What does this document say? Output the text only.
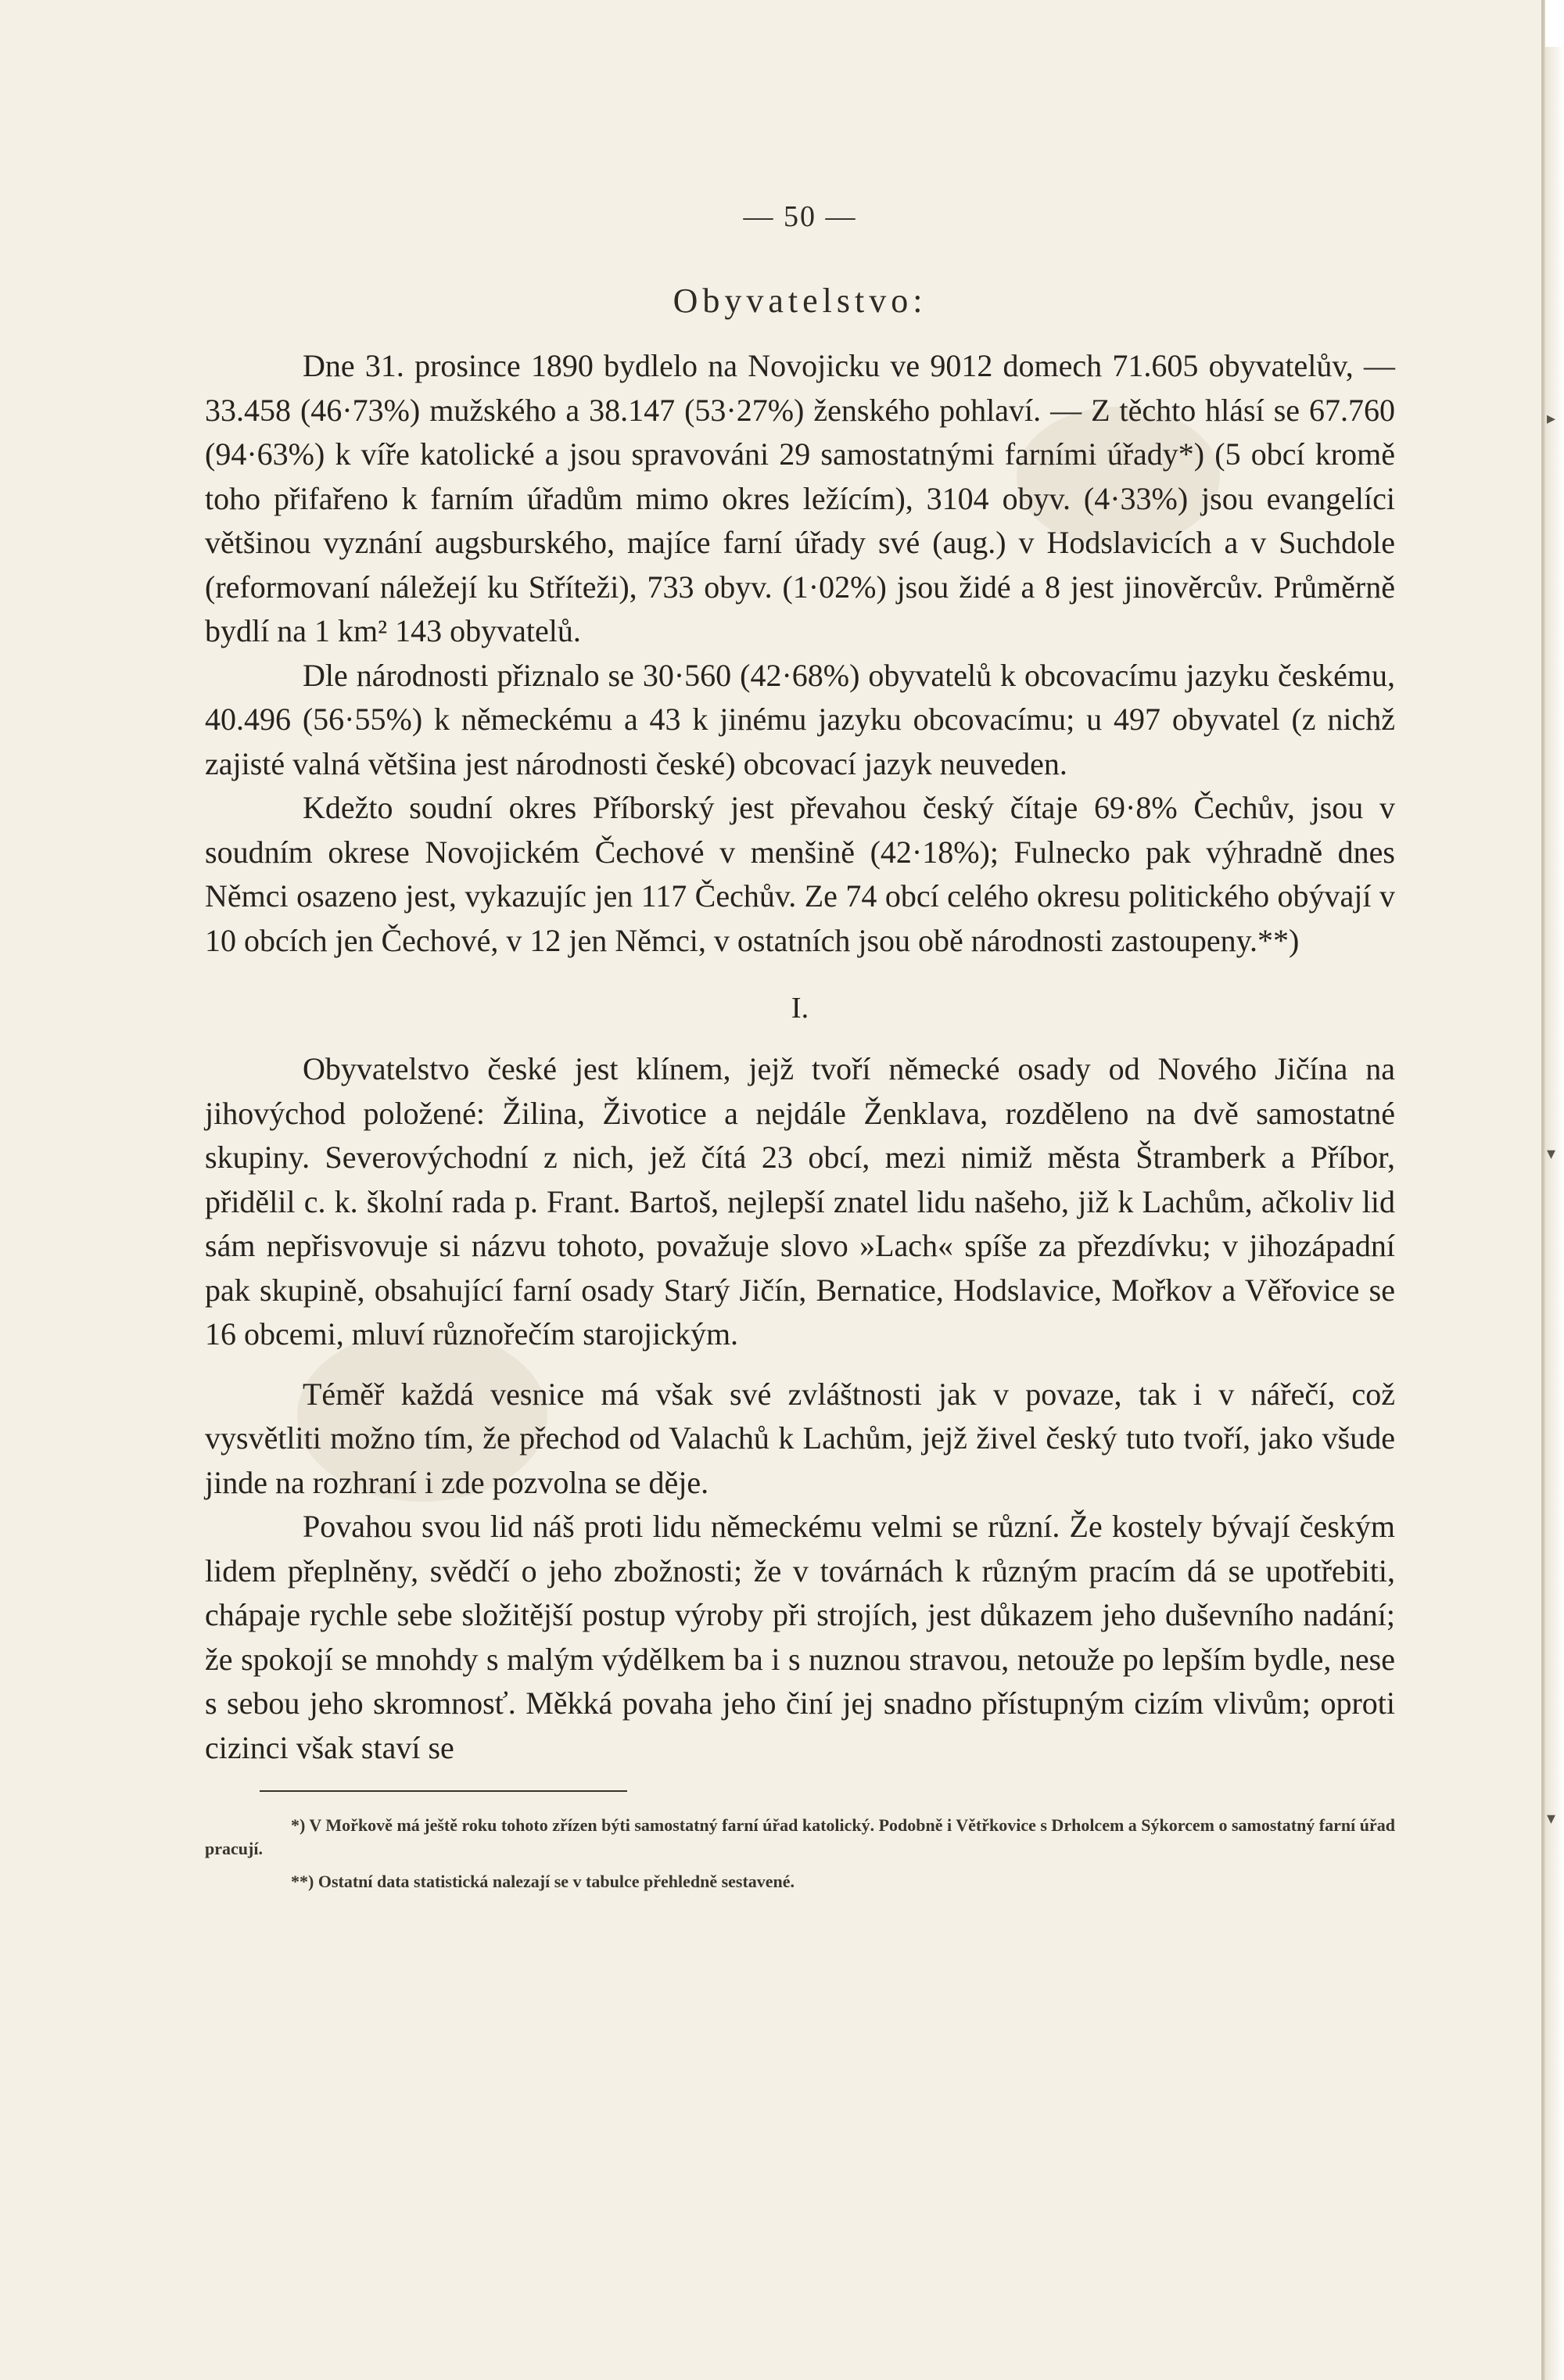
— 50 —
Obyvatelstvo:

Dne 31. prosince 1890 bydlelo na Novojicku ve 9012 domech 71.605 obyvatelův, — 33.458 (46·73%) mužského a 38.147 (53·27%) ženského pohlaví. — Z těchto hlásí se 67.760 (94·63%) k víře katolické a jsou spravováni 29 samostatnými farními úřady*) (5 obcí kromě toho přifařeno k farním úřadům mimo okres ležícím), 3104 obyv. (4·33%) jsou evangelíci většinou vyznání augsburského, majíce farní úřady své (aug.) v Hodslavicích a v Suchdole (reformovaní náležejí ku Stříteži), 733 obyv. (1·02%) jsou židé a 8 jest jinověrcův. Průměrně bydlí na 1 km² 143 obyvatelů.

Dle národnosti přiznalo se 30·560 (42·68%) obyvatelů k obcovacímu jazyku českému, 40.496 (56·55%) k německému a 43 k jinému jazyku obcovacímu; u 497 obyvatel (z nichž zajisté valná většina jest národnosti české) obcovací jazyk neuveden.

Kdežto soudní okres Příborský jest převahou český čítaje 69·8% Čechův, jsou v soudním okrese Novojickém Čechové v menšině (42·18%); Fulnecko pak výhradně dnes Němci osazeno jest, vykazujíc jen 117 Čechův. Ze 74 obcí celého okresu politického obývají v 10 obcích jen Čechové, v 12 jen Němci, v ostatních jsou obě národnosti zastoupeny.**)

I.

Obyvatelstvo české jest klínem, jejž tvoří německé osady od Nového Jičína na jihovýchod položené: Žilina, Životice a nejdále Ženklava, rozděleno na dvě samostatné skupiny. Severovýchodní z nich, jež čítá 23 obcí, mezi nimiž města Štramberk a Příbor, přidělil c. k. školní rada p. Frant. Bartoš, nejlepší znatel lidu našeho, již k Lachům, ačkoliv lid sám nepřisvovuje si názvu tohoto, považuje slovo »Lach« spíše za přezdívku; v jihozápadní pak skupině, obsahující farní osady Starý Jičín, Bernatice, Hodslavice, Mořkov a Věřovice se 16 obcemi, mluví různořečím starojickým.

Téměř každá vesnice má však své zvláštnosti jak v povaze, tak i v nářečí, což vysvětliti možno tím, že přechod od Valachů k Lachům, jejž živel český tuto tvoří, jako všude jinde na rozhraní i zde pozvolna se děje.

Povahou svou lid náš proti lidu německému velmi se různí. Že kostely bývají českým lidem přeplněny, svědčí o jeho zbožnosti; že v továrnách k různým pracím dá se upotřebiti, chápaje rychle sebe složitější postup výroby při strojích, jest důkazem jeho duševního nadání; že spokojí se mnohdy s malým výdělkem ba i s nuznou stravou, netouže po lepším bydle, nese s sebou jeho skromnosť. Měkká povaha jeho činí jej snadno přístupným cizím vlivům; oproti cizinci však staví se

*) V Mořkově má ještě roku tohoto zřízen býti samostatný farní úřad katolický. Podobně i Větřkovice s Drholcem a Sýkorcem o samostatný farní úřad pracují.

**) Ostatní data statistická nalezají se v tabulce přehledně sestavené.

▸
▾
▾
